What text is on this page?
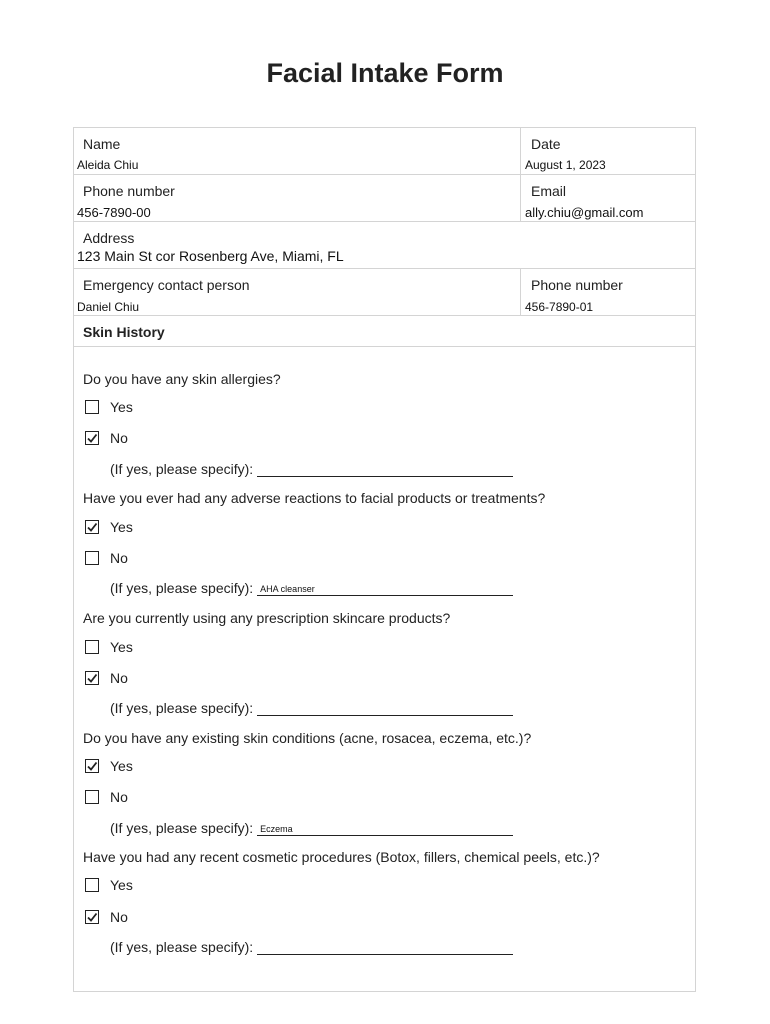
Facial Intake Form
Name
Aleida Chiu
Date
August 1, 2023
Phone number
456-7890-00
Email
ally.chiu@gmail.com
Address
123 Main St cor Rosenberg Ave, Miami, FL
Emergency contact person
Daniel Chiu
Phone number
456-7890-01
Skin History
Do you have any skin allergies?
Yes
No
(If yes, please specify):
Have you ever had any adverse reactions to facial products or treatments?
Yes
No
(If yes, please specify): AHA cleanser
Are you currently using any prescription skincare products?
Yes
No
(If yes, please specify):
Do you have any existing skin conditions (acne, rosacea, eczema, etc.)?
Yes
No
(If yes, please specify): Eczema
Have you had any recent cosmetic procedures (Botox, fillers, chemical peels, etc.)?
Yes
No
(If yes, please specify):
